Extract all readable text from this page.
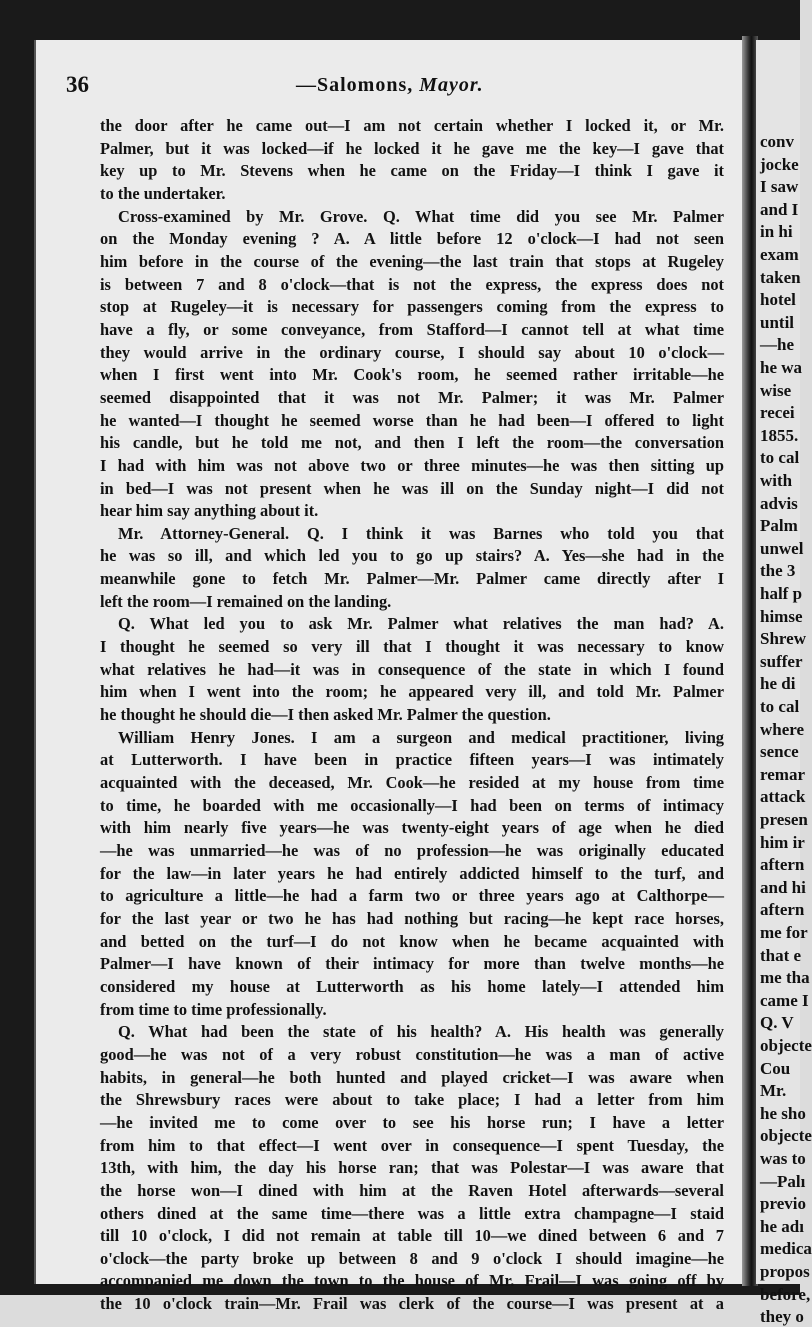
conv
jocke
I saw
and I
in hi
exam
taken
hotel
until
—he
he wa
wise
recei
1855.
to cal
with
advis
Palm
unwel
the 3
half p
himse
Shrew
suffer
he di
to cal
where
sence
remar
attack
presen
him ir
aftern
and hi
aftern
me for
that e
me tha
came I
Q. V
objecte
Cou
Mr.
he sho
objecte
was to
—Palı
previo
he adı
medica
propos
before,
they o
36	—Salomons, Mayor.
the door after he came out—I am not certain whether I locked it, or Mr.
Palmer, but it was locked—if he locked it he gave me the key—I gave that
key up to Mr. Stevens when he came on the Friday—I think I gave it
to the undertaker.
Cross-examined by Mr. Grove. Q. What time did you see Mr. Palmer
on the Monday evening ? A. A little before 12 o'clock—I had not seen
him before in the course of the evening—the last train that stops at Rugeley
is between 7 and 8 o'clock—that is not the express, the express does not
stop at Rugeley—it is necessary for passengers coming from the express to
have a fly, or some conveyance, from Stafford—I cannot tell at what time
they would arrive in the ordinary course, I should say about 10 o'clock—
when I first went into Mr. Cook's room, he seemed rather irritable—he
seemed disappointed that it was not Mr. Palmer; it was Mr. Palmer
he wanted—I thought he seemed worse than he had been—I offered to light
his candle, but he told me not, and then I left the room—the conversation
I had with him was not above two or three minutes—he was then sitting up
in bed—I was not present when he was ill on the Sunday night—I did not
hear him say anything about it.
Mr. Attorney-General. Q. I think it was Barnes who told you that
he was so ill, and which led you to go up stairs? A. Yes—she had in the
meanwhile gone to fetch Mr. Palmer—Mr. Palmer came directly after I
left the room—I remained on the landing.
Q. What led you to ask Mr. Palmer what relatives the man had? A.
I thought he seemed so very ill that I thought it was necessary to know
what relatives he had—it was in consequence of the state in which I found
him when I went into the room; he appeared very ill, and told Mr. Palmer
he thought he should die—I then asked Mr. Palmer the question.
William Henry Jones. I am a surgeon and medical practitioner, living
at Lutterworth. I have been in practice fifteen years—I was intimately
acquainted with the deceased, Mr. Cook—he resided at my house from time
to time, he boarded with me occasionally—I had been on terms of intimacy
with him nearly five years—he was twenty-eight years of age when he died
—he was unmarried—he was of no profession—he was originally educated
for the law—in later years he had entirely addicted himself to the turf, and
to agriculture a little—he had a farm two or three years ago at Calthorpe—
for the last year or two he has had nothing but racing—he kept race horses,
and betted on the turf—I do not know when he became acquainted with
Palmer—I have known of their intimacy for more than twelve months—he
considered my house at Lutterworth as his home lately—I attended him
from time to time professionally.
Q. What had been the state of his health? A. His health was generally
good—he was not of a very robust constitution—he was a man of active
habits, in general—he both hunted and played cricket—I was aware when
the Shrewsbury races were about to take place; I had a letter from him
—he invited me to come over to see his horse run; I have a letter
from him to that effect—I went over in consequence—I spent Tuesday, the
13th, with him, the day his horse ran; that was Polestar—I was aware that
the horse won—I dined with him at the Raven Hotel afterwards—several
others dined at the same time—there was a little extra champagne—I staid
till 10 o'clock, I did not remain at table till 10—we dined between 6 and 7
o'clock—the party broke up between 8 and 9 o'clock I should imagine—he
accompanied me down the town to the house of Mr. Frail—I was going off by
the 10 o'clock train—Mr. Frail was clerk of the course—I was present at a
